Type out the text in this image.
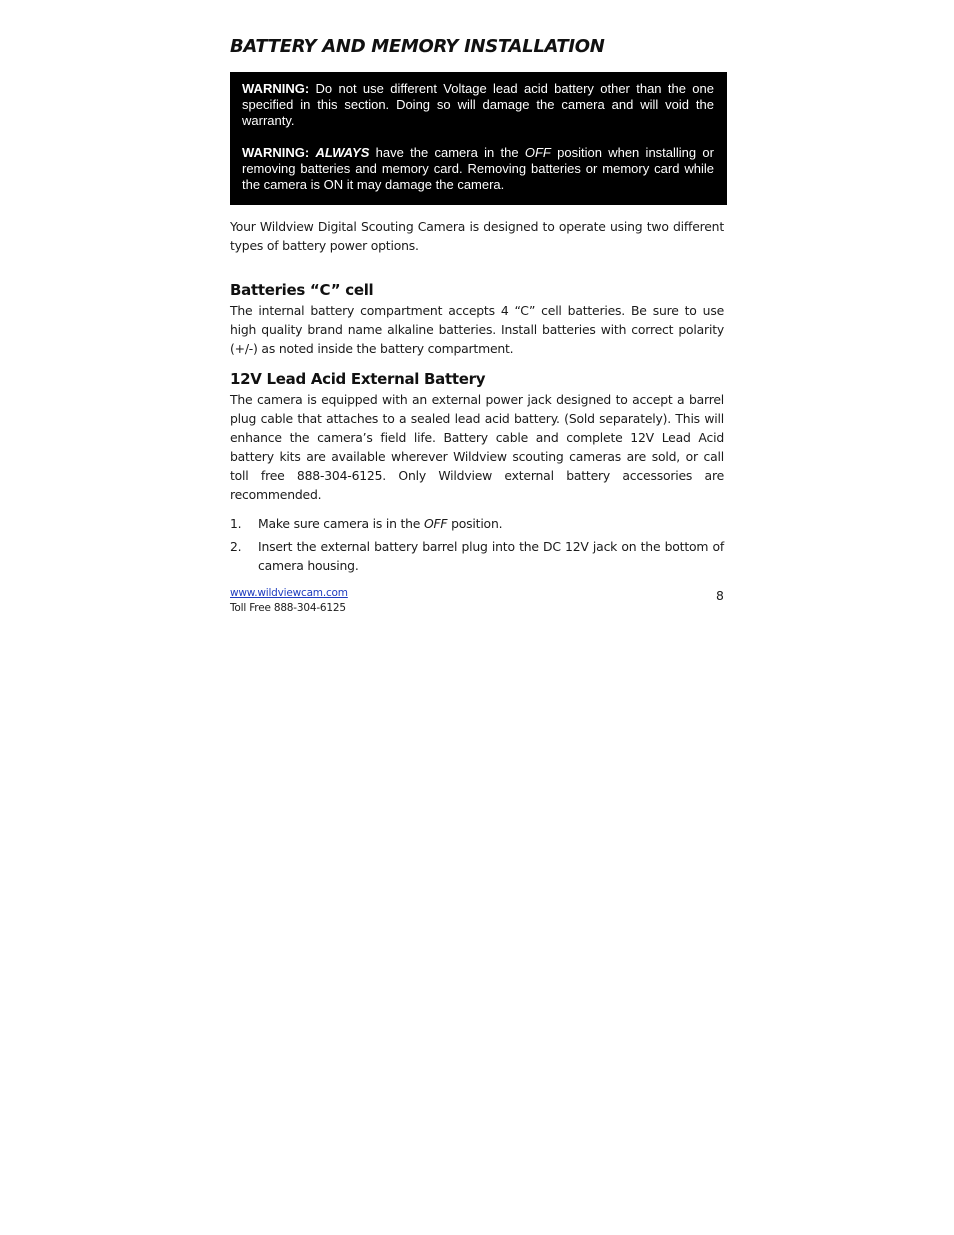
BATTERY AND MEMORY INSTALLATION

WARNING: Do not use different Voltage lead acid battery other than the one specified in this section. Doing so will damage the camera and will void the warranty.

WARNING: ALWAYS have the camera in the OFF position when installing or removing batteries and memory card. Removing batteries or memory card while the camera is ON it may damage the camera.

Your Wildview Digital Scouting Camera is designed to operate using two different types of battery power options.

Batteries “C” cell

The internal battery compartment accepts 4 “C” cell batteries. Be sure to use high quality brand name alkaline batteries. Install batteries with correct polarity (+/-) as noted inside the battery compartment.

12V Lead Acid External Battery

The camera is equipped with an external power jack designed to accept a barrel plug cable that attaches to a sealed lead acid battery. (Sold separately). This will enhance the camera’s field life. Battery cable and complete 12V Lead Acid battery kits are available wherever Wildview scouting cameras are sold, or call toll free 888-304-6125. Only Wildview external battery accessories are recommended.

1. Make sure camera is in the OFF position.
2. Insert the external battery barrel plug into the DC 12V jack on the bottom of camera housing.
www.wildviewcam.com
Toll Free 888-304-6125
8
